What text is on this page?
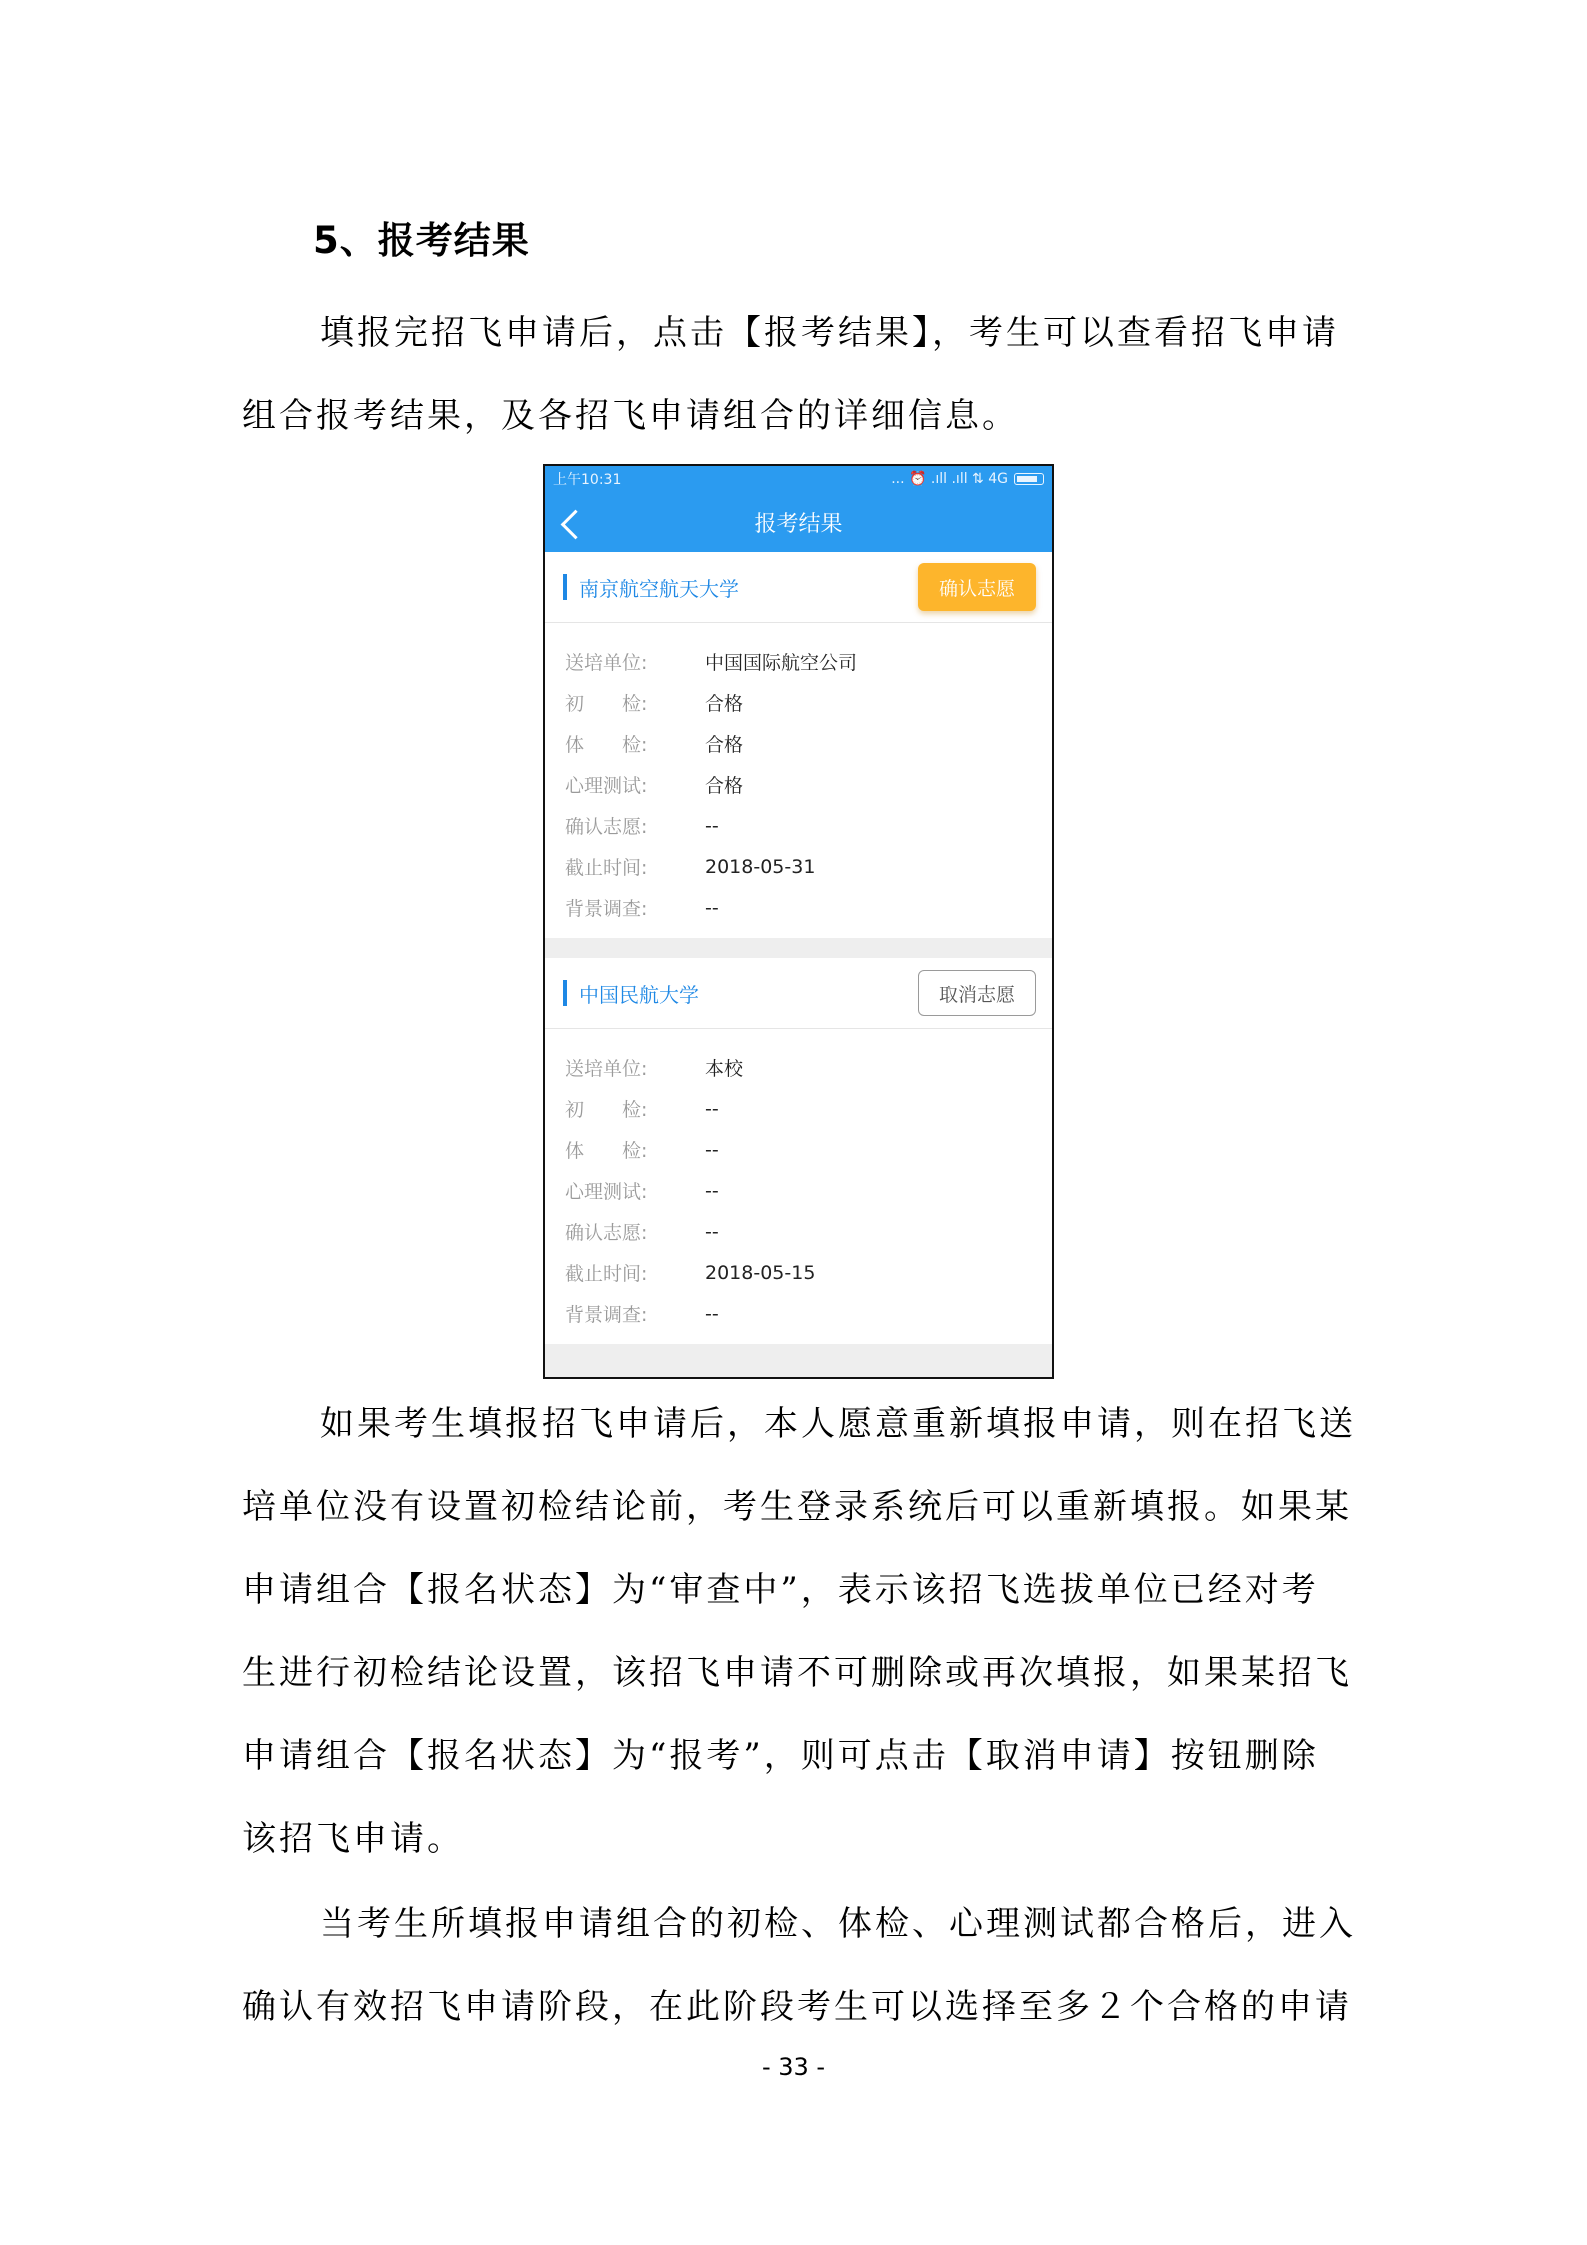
5、报考结果
填报完招飞申请后，点击【报考结果】，考生可以查看招飞申请
组合报考结果，及各招飞申请组合的详细信息。
上午10:31	... ⏰ .ıll .ıll ⇅ 4G
报考结果
南京航空航天大学	确认志愿
送培单位:	中国国际航空公司
初　　检:	合格
体　　检:	合格
心理测试:	合格
确认志愿:	--
截止时间:	2018-05-31
背景调查:	--
中国民航大学	取消志愿
送培单位:	本校
初　　检:	--
体　　检:	--
心理测试:	--
确认志愿:	--
截止时间:	2018-05-15
背景调查:	--
如果考生填报招飞申请后，本人愿意重新填报申请，则在招飞送
培单位没有设置初检结论前，考生登录系统后可以重新填报。如果某
申请组合【报名状态】为“审查中”，表示该招飞选拔单位已经对考
生进行初检结论设置，该招飞申请不可删除或再次填报，如果某招飞
申请组合【报名状态】为“报考”，则可点击【取消申请】按钮删除
该招飞申请。
当考生所填报申请组合的初检、体检、心理测试都合格后，进入
确认有效招飞申请阶段，在此阶段考生可以选择至多２个合格的申请
- 33 -
